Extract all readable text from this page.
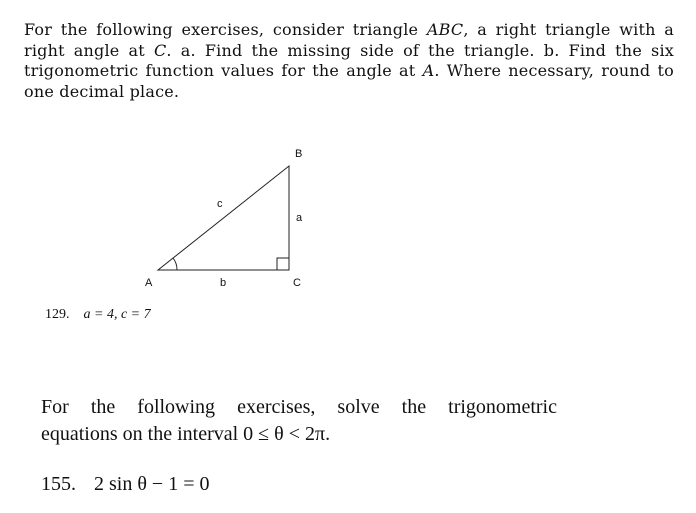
For the following exercises, consider triangle ABC, a right triangle with a right angle at C. a. Find the missing side of the triangle. b. Find the six trigonometric function values for the angle at A. Where necessary, round to one decimal place.

A
B
C
a
b
c

129. a = 4, c = 7

For the following exercises, solve the trigonometric
equations on the interval 0 ≤ θ < 2π.

155. 2 sin θ − 1 = 0
